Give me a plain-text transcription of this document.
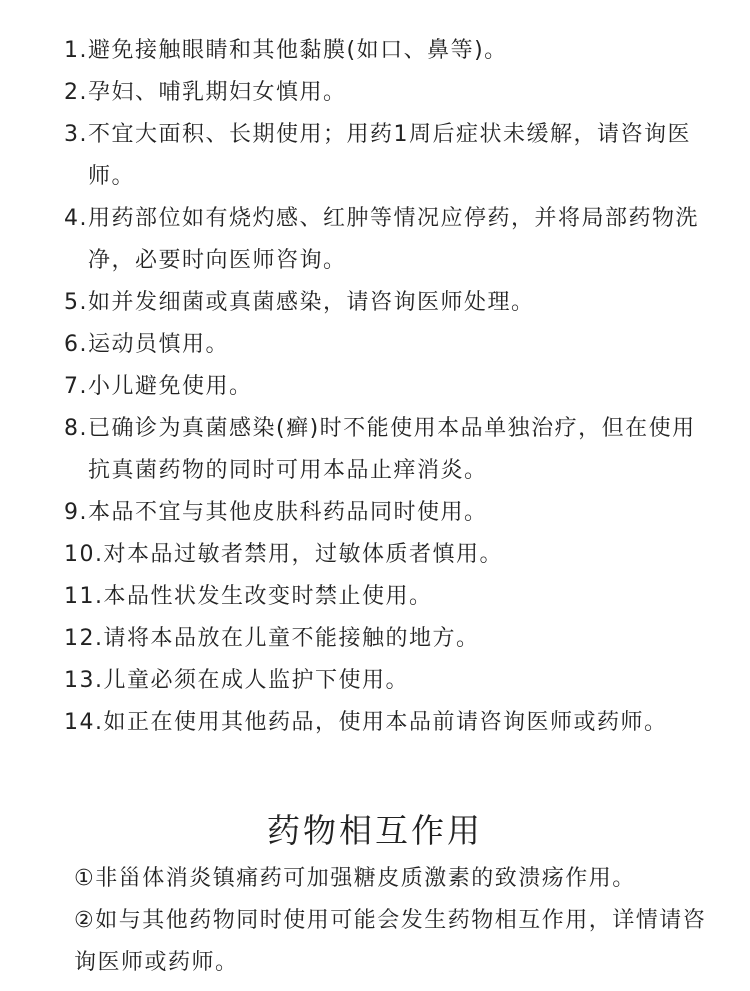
1.避免接触眼睛和其他黏膜(如口、鼻等)。

2.孕妇、哺乳期妇女慎用。

3.不宜大面积、长期使用；用药1周后症状未缓解，请咨询医师。

4.用药部位如有烧灼感、红肿等情况应停药，并将局部药物洗净，必要时向医师咨询。

5.如并发细菌或真菌感染，请咨询医师处理。

6.运动员慎用。

7.小儿避免使用。

8.已确诊为真菌感染(癣)时不能使用本品单独治疗，但在使用抗真菌药物的同时可用本品止痒消炎。

9.本品不宜与其他皮肤科药品同时使用。

10.对本品过敏者禁用，过敏体质者慎用。

11.本品性状发生改变时禁止使用。

12.请将本品放在儿童不能接触的地方。

13.儿童必须在成人监护下使用。

14.如正在使用其他药品，使用本品前请咨询医师或药师。

药物相互作用

①非甾体消炎镇痛药可加强糖皮质激素的致溃疡作用。

②如与其他药物同时使用可能会发生药物相互作用，详情请咨询医师或药师。
